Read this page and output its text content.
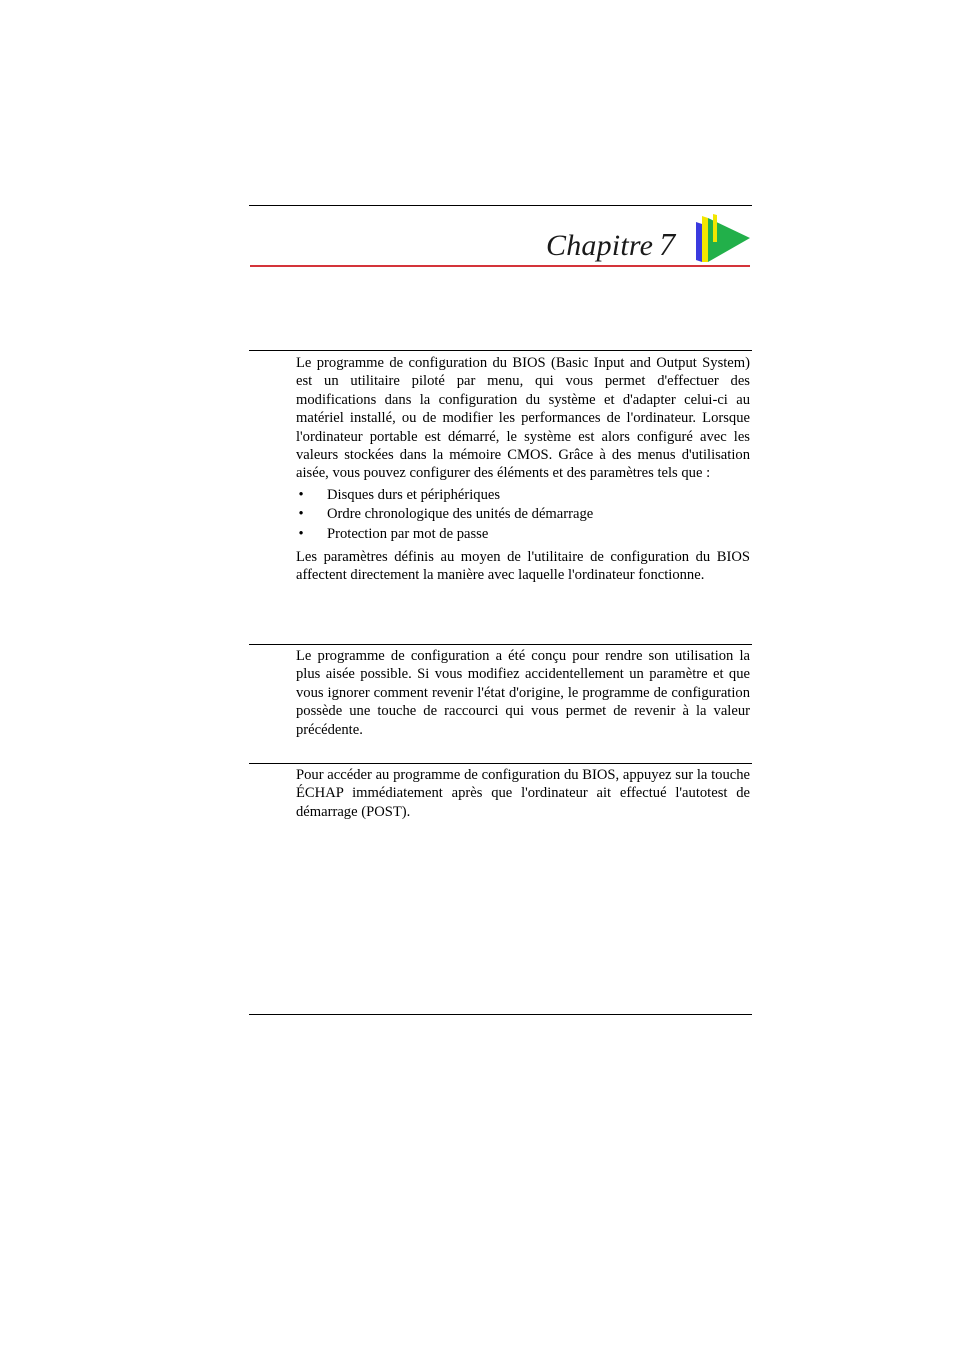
Chapitre 7

Le programme de configuration du BIOS (Basic Input and Output System) est un utilitaire piloté par menu, qui vous permet d'effectuer des modifications dans la configuration du système et d'adapter celui-ci au matériel installé, ou de modifier les performances de l'ordinateur. Lorsque l'ordinateur portable est démarré, le système est alors configuré avec les valeurs stockées dans la mémoire CMOS. Grâce à des menus d'utilisation aisée, vous pouvez configurer des éléments et des paramètres tels que :

• Disques durs et périphériques
• Ordre chronologique des unités de démarrage
• Protection par mot de passe

Les paramètres définis au moyen de l'utilitaire de configuration du BIOS affectent directement la manière avec laquelle l'ordinateur fonctionne.

Le programme de configuration a été conçu pour rendre son utilisation la plus aisée possible. Si vous modifiez accidentellement un paramètre et que vous ignorer comment revenir l'état d'origine, le programme de configuration possède une touche de raccourci qui vous permet de revenir à la valeur précédente.

Pour accéder au programme de configuration du BIOS, appuyez sur la touche ÉCHAP immédiatement après que l'ordinateur ait effectué l'autotest de démarrage (POST).
